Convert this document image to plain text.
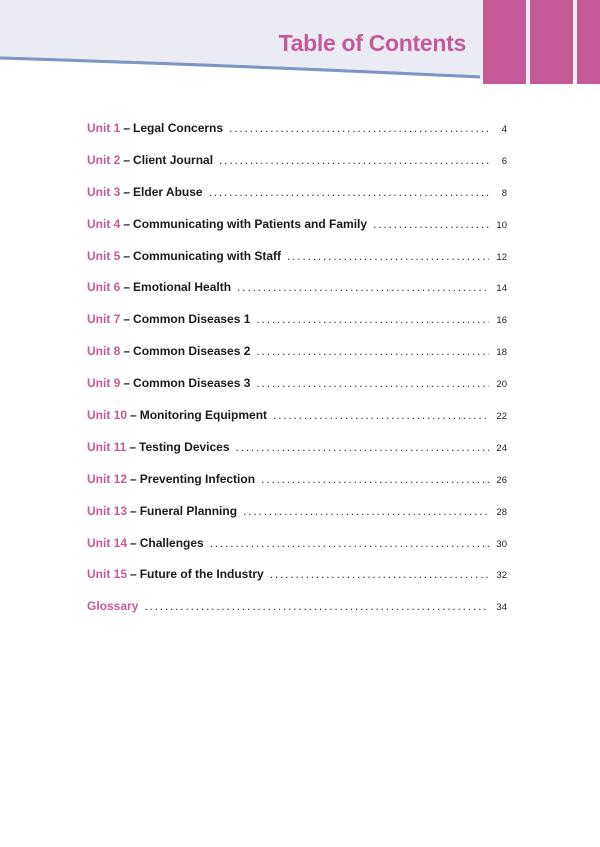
Table of Contents
Unit 1 – Legal Concerns .....	4
Unit 2 – Client Journal .....	6
Unit 3 – Elder Abuse .....	8
Unit 4 – Communicating with Patients and Family .....	10
Unit 5 – Communicating with Staff .....	12
Unit 6 – Emotional Health .....	14
Unit 7 – Common Diseases 1 .....	16
Unit 8 – Common Diseases 2 .....	18
Unit 9 – Common Diseases 3 .....	20
Unit 10 – Monitoring Equipment .....	22
Unit 11 – Testing Devices .....	24
Unit 12 – Preventing Infection .....	26
Unit 13 – Funeral Planning .....	28
Unit 14 – Challenges .....	30
Unit 15 – Future of the Industry .....	32
Glossary .....	34
